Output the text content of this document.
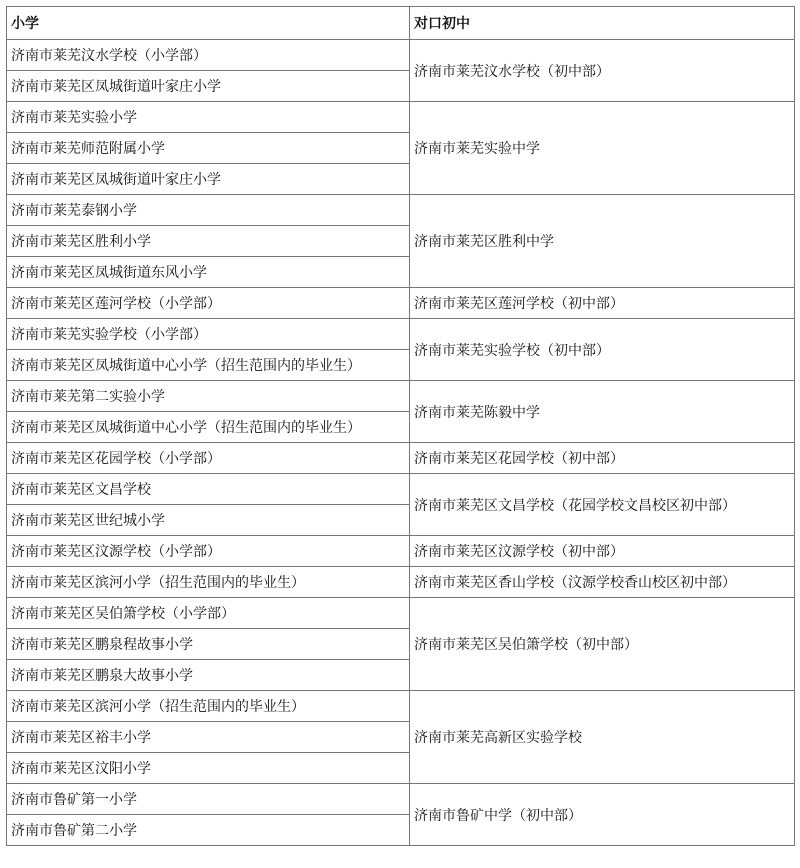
小学	对口初中
济南市莱芜汶水学校（小学部）	济南市莱芜汶水学校（初中部）
济南市莱芜区凤城街道叶家庄小学	
济南市莱芜实验小学	济南市莱芜实验中学
济南市莱芜师范附属小学	
济南市莱芜区凤城街道叶家庄小学	
济南市莱芜泰钢小学	济南市莱芜区胜利中学
济南市莱芜区胜利小学	
济南市莱芜区凤城街道东风小学	
济南市莱芜区莲河学校（小学部）	济南市莱芜区莲河学校（初中部）
济南市莱芜实验学校（小学部）	济南市莱芜实验学校（初中部）
济南市莱芜区凤城街道中心小学（招生范围内的毕业生）	
济南市莱芜第二实验小学	济南市莱芜陈毅中学
济南市莱芜区凤城街道中心小学（招生范围内的毕业生）	
济南市莱芜区花园学校（小学部）	济南市莱芜区花园学校（初中部）
济南市莱芜区文昌学校	济南市莱芜区文昌学校（花园学校文昌校区初中部）
济南市莱芜区世纪城小学	
济南市莱芜区汶源学校（小学部）	济南市莱芜区汶源学校（初中部）
济南市莱芜区滨河小学（招生范围内的毕业生）	济南市莱芜区香山学校（汶源学校香山校区初中部）
济南市莱芜区吴伯箫学校（小学部）	济南市莱芜区吴伯箫学校（初中部）
济南市莱芜区鹏泉程故事小学	
济南市莱芜区鹏泉大故事小学	
济南市莱芜区滨河小学（招生范围内的毕业生）	济南市莱芜高新区实验学校
济南市莱芜区裕丰小学	
济南市莱芜区汶阳小学	
济南市鲁矿第一小学	济南市鲁矿中学（初中部）
济南市鲁矿第二小学	
